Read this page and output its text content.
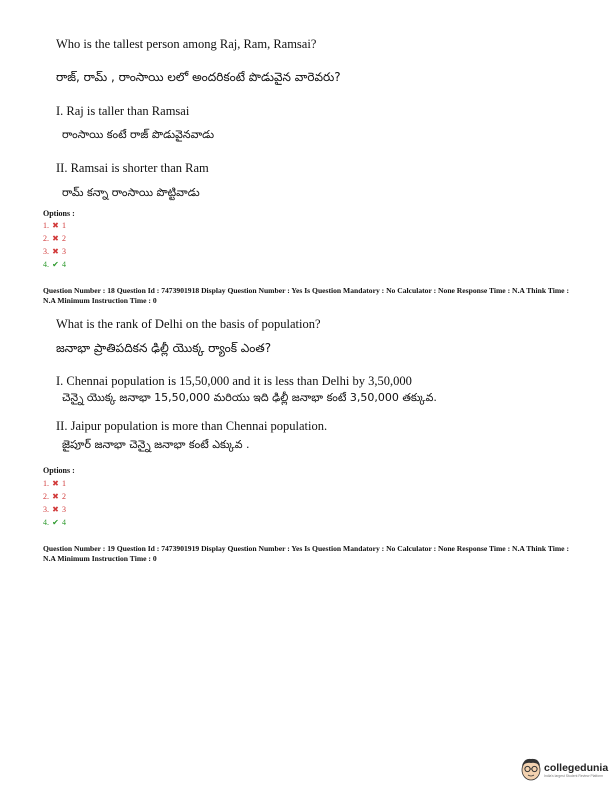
Who is the tallest person among Raj, Ram, Ramsai?
రాజ్, రామ్ , రాంసాయి లలో అందరికంటే పొడువైన వారెవరు?
I. Raj is taller than Ramsai
రాంసాయి కంటే రాజ్ పొడువైనవాడు
II. Ramsai is shorter than Ram
రామ్ కన్నా రాంసాయి పొట్టివాడు
Options :
1. ✖ 1
2. ✖ 2
3. ✖ 3
4. ✔ 4
Question Number : 18 Question Id : 7473901918 Display Question Number : Yes Is Question Mandatory : No Calculator : None Response Time : N.A Think Time : N.A Minimum Instruction Time : 0
What is the rank of Delhi on the basis of population?
జనాభా ప్రాతిపదికన ఢిల్లీ యొక్క ర్యాంక్ ఎంత?
I. Chennai population is 15,50,000 and it is less than Delhi by 3,50,000
చెన్నై యొక్క జనాభా 15,50,000 మరియు ఇది ఢిల్లీ జనాభా కంటే 3,50,000 తక్కువ.
II. Jaipur population is more than Chennai population.
జైపూర్ జనాభా చెన్నై జనాభా కంటే ఎక్కువ .
Options :
1. ✖ 1
2. ✖ 2
3. ✖ 3
4. ✔ 4
Question Number : 19 Question Id : 7473901919 Display Question Number : Yes Is Question Mandatory : No Calculator : None Response Time : N.A Think Time : N.A Minimum Instruction Time : 0
collegedunia
India's largest Student Review Platform
